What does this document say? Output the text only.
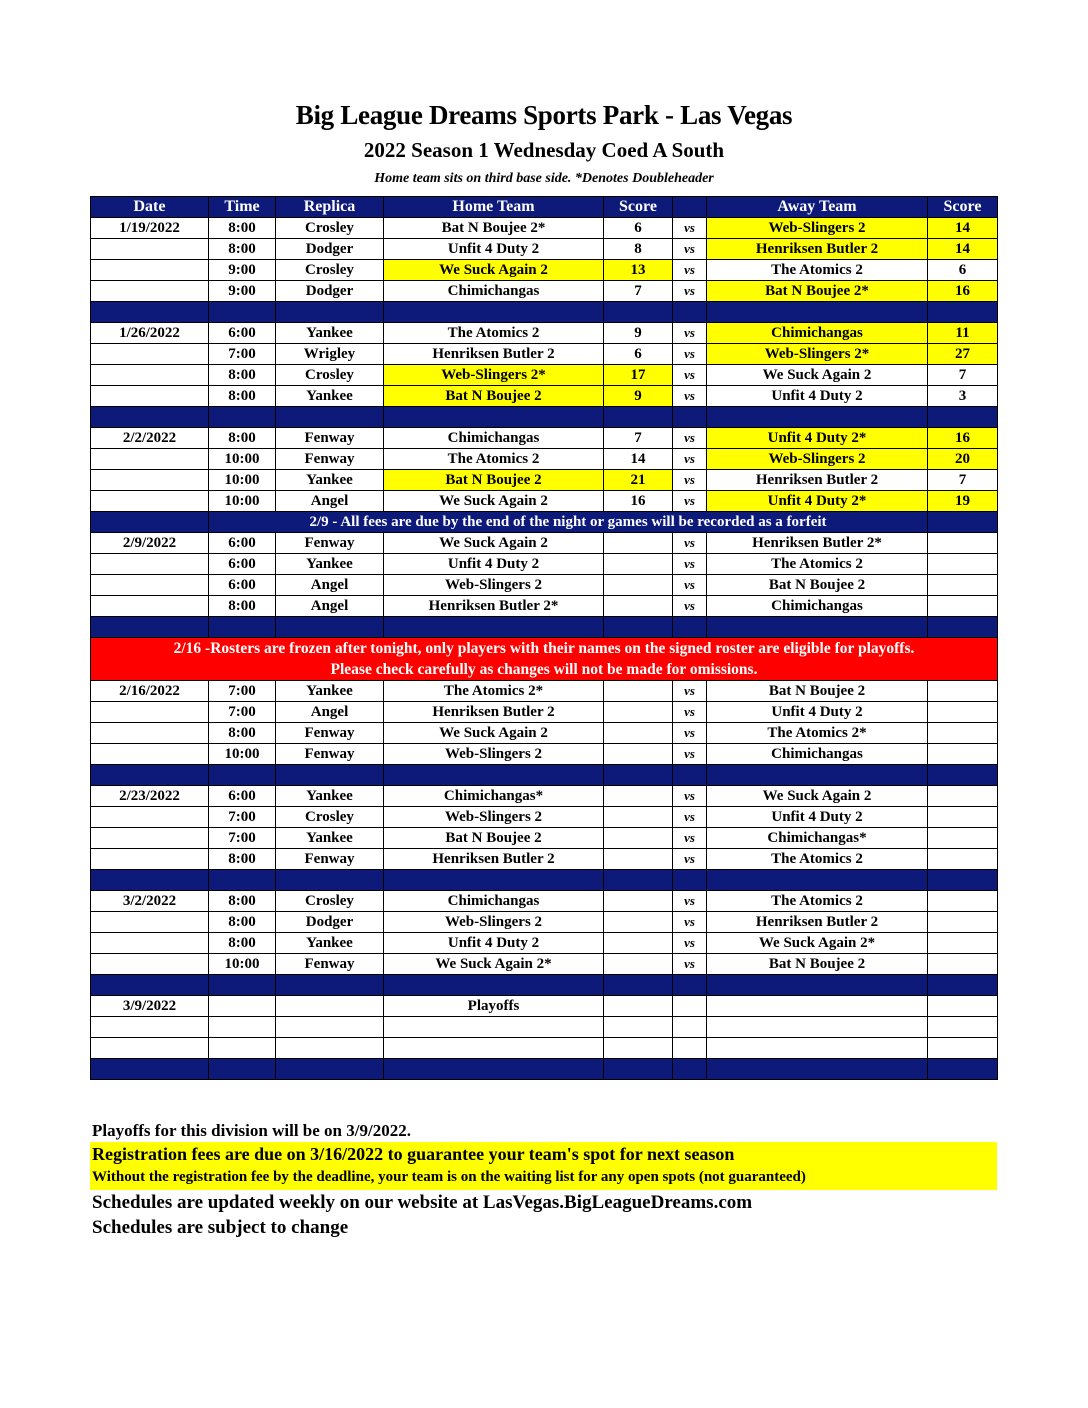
Big League Dreams Sports Park - Las Vegas
2022 Season 1 Wednesday Coed A South
Home team sits on third base side. *Denotes Doubleheader
Date	Time	Replica	Home Team	Score		Away Team	Score
1/19/2022	8:00	Crosley	Bat N Boujee 2*	6	vs	Web-Slingers 2	14
	8:00	Dodger	Unfit 4 Duty 2	8	vs	Henriksen Butler 2	14
	9:00	Crosley	We Suck Again 2	13	vs	The Atomics 2	6
	9:00	Dodger	Chimichangas	7	vs	Bat N Boujee 2*	16

1/26/2022	6:00	Yankee	The Atomics 2	9	vs	Chimichangas	11
	7:00	Wrigley	Henriksen Butler 2	6	vs	Web-Slingers 2*	27
	8:00	Crosley	Web-Slingers 2*	17	vs	We Suck Again 2	7
	8:00	Yankee	Bat N Boujee 2	9	vs	Unfit 4 Duty 2	3

2/2/2022	8:00	Fenway	Chimichangas	7	vs	Unfit 4 Duty 2*	16
	10:00	Fenway	The Atomics 2	14	vs	Web-Slingers 2	20
	10:00	Yankee	Bat N Boujee 2	21	vs	Henriksen Butler 2	7
	10:00	Angel	We Suck Again 2	16	vs	Unfit 4 Duty 2*	19
	2/9 - All fees are due by the end of the night or games will be recorded as a forfeit						
2/9/2022	6:00	Fenway	We Suck Again 2		vs	Henriksen Butler 2*	
	6:00	Yankee	Unfit 4 Duty 2		vs	The Atomics 2	
	6:00	Angel	Web-Slingers 2		vs	Bat N Boujee 2	
	8:00	Angel	Henriksen Butler 2*		vs	Chimichangas	

2/16 -Rosters are frozen after tonight, only players with their names on the signed roster are eligible for playoffs.
Please check carefully as changes will not be made for omissions.							

2/16/2022	7:00	Yankee	The Atomics 2*		vs	Bat N Boujee 2	
	7:00	Angel	Henriksen Butler 2		vs	Unfit 4 Duty 2	
	8:00	Fenway	We Suck Again 2		vs	The Atomics 2*	
	10:00	Fenway	Web-Slingers 2		vs	Chimichangas	

2/23/2022	6:00	Yankee	Chimichangas*		vs	We Suck Again 2	
	7:00	Crosley	Web-Slingers 2		vs	Unfit 4 Duty 2	
	7:00	Yankee	Bat N Boujee 2		vs	Chimichangas*	
	8:00	Fenway	Henriksen Butler 2		vs	The Atomics 2	

3/2/2022	8:00	Crosley	Chimichangas		vs	The Atomics 2	
	8:00	Dodger	Web-Slingers 2		vs	Henriksen Butler 2	
	8:00	Yankee	Unfit 4 Duty 2		vs	We Suck Again 2*	
	10:00	Fenway	We Suck Again 2*		vs	Bat N Boujee 2	

3/9/2022			Playoffs				

Playoffs for this division will be on 3/9/2022.
Registration fees are due on 3/16/2022 to guarantee your team's spot for next season
Without the registration fee by the deadline, your team is on the waiting list for any open spots (not guaranteed)
Schedules are updated weekly on our website at LasVegas.BigLeagueDreams.com
Schedules are subject to change
